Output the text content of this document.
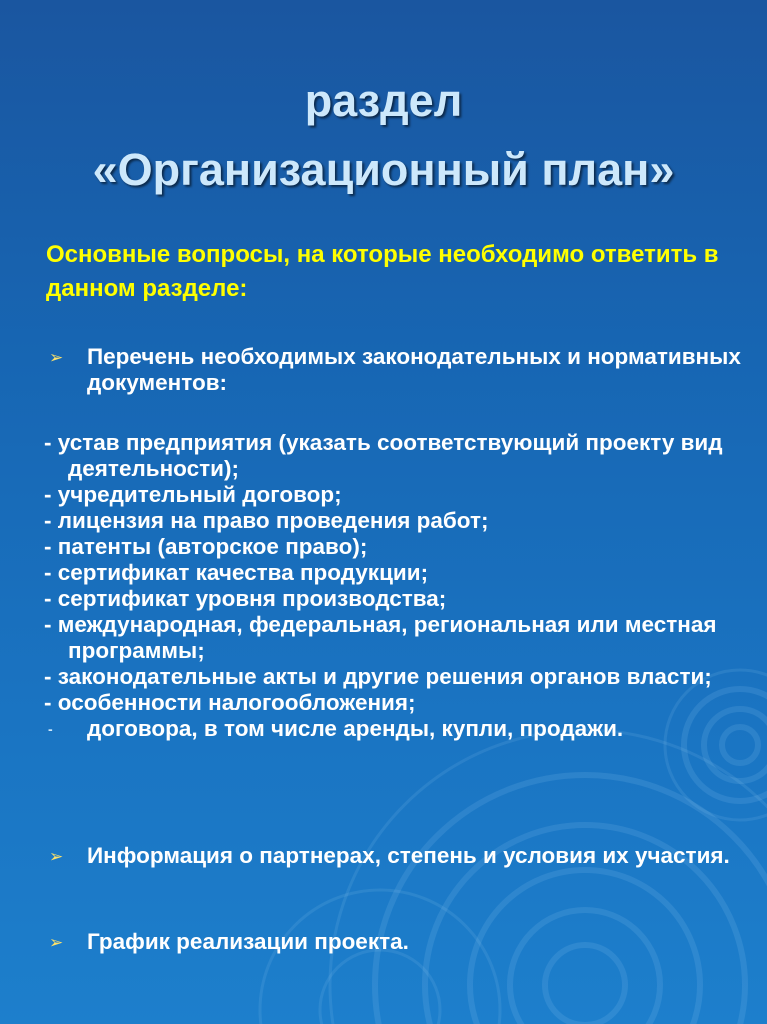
раздел
«Организационный план»
Основные вопросы, на которые необходимо ответить в данном разделе:
➢ Перечень необходимых законодательных и нормативных документов:
- устав предприятия (указать соответствующий проекту вид деятельности);
- учредительный договор;
- лицензия на право проведения работ;
- патенты (авторское право);
- сертификат качества продукции;
- сертификат уровня производства;
- международная, федеральная, региональная или местная программы;
- законодательные акты и другие решения органов власти;
- особенности налогообложения;
- договора, в том числе аренды, купли, продажи.
➢ Информация о партнерах, степень и условия их участия.
➢ График реализации проекта.
